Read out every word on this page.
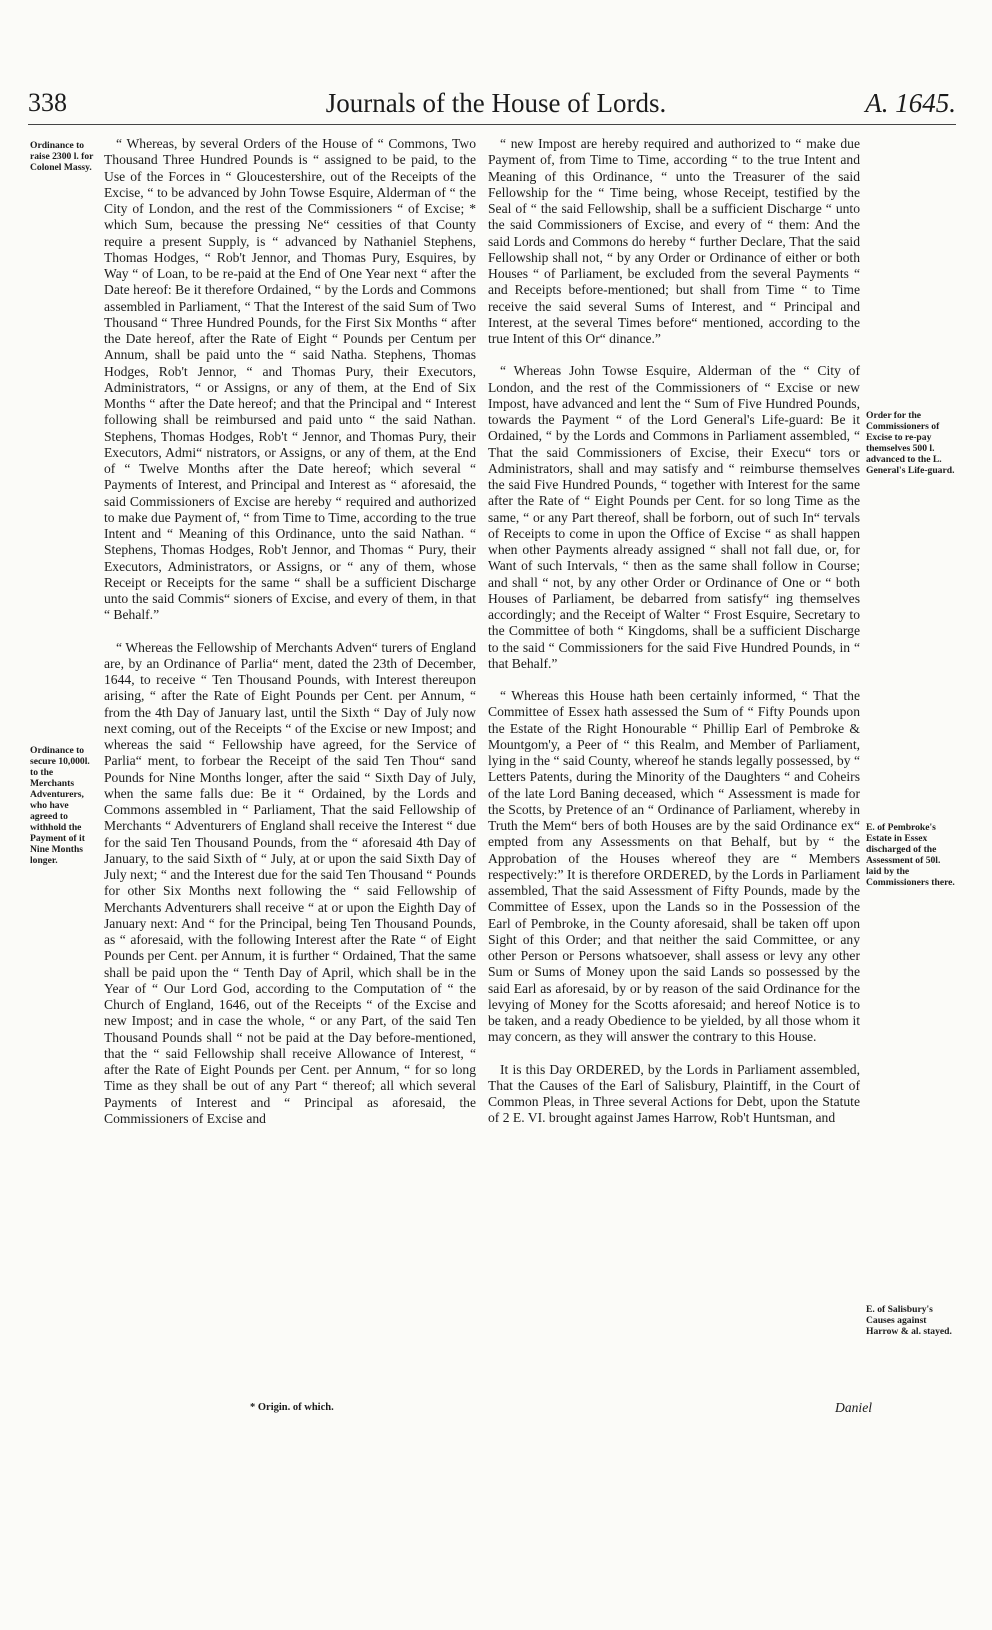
338	Journals of the House of Lords.	A. 1645.
Ordinance to raise 2300 l. for Colonel Massy.
Ordinance to secure 10,000l. to the Merchants Adventurers, who have agreed to withhold the Payment of it Nine Months longer.
Order for the Commissioners of Excise to re-pay themselves 500 l. advanced to the L. General's Life-guard.
E. of Pembroke's Estate in Essex discharged of the Assessment of 50l. laid by the Commissioners there.
E. of Salisbury's Causes against Harrow & al. stayed.

“ Whereas, by several Orders of the House of “ Commons, Two Thousand Three Hundred Pounds is “ assigned to be paid, to the Use of the Forces in “ Gloucestershire, out of the Receipts of the Excise, “ to be advanced by John Towse Esquire, Alderman of “ the City of London, and the rest of the Commissioners “ of Excise; * which Sum, because the pressing Ne“ cessities of that County require a present Supply, is “ advanced by Nathaniel Stephens, Thomas Hodges, “ Rob't Jennor, and Thomas Pury, Esquires, by Way “ of Loan, to be re-paid at the End of One Year next “ after the Date hereof: Be it therefore Ordained, “ by the Lords and Commons assembled in Parliament, “ That the Interest of the said Sum of Two Thousand “ Three Hundred Pounds, for the First Six Months “ after the Date hereof, after the Rate of Eight “ Pounds per Centum per Annum, shall be paid unto the “ said Natha. Stephens, Thomas Hodges, Rob't Jennor, “ and Thomas Pury, their Executors, Administrators, “ or Assigns, or any of them, at the End of Six Months “ after the Date hereof; and that the Principal and “ Interest following shall be reimbursed and paid unto “ the said Nathan. Stephens, Thomas Hodges, Rob't “ Jennor, and Thomas Pury, their Executors, Admi“ nistrators, or Assigns, or any of them, at the End of “ Twelve Months after the Date hereof; which several “ Payments of Interest, and Principal and Interest as “ aforesaid, the said Commissioners of Excise are hereby “ required and authorized to make due Payment of, “ from Time to Time, according to the true Intent and “ Meaning of this Ordinance, unto the said Nathan. “ Stephens, Thomas Hodges, Rob't Jennor, and Thomas “ Pury, their Executors, Administrators, or Assigns, or “ any of them, whose Receipt or Receipts for the same “ shall be a sufficient Discharge unto the said Commis“ sioners of Excise, and every of them, in that “ Behalf.”

“ Whereas the Fellowship of Merchants Adven“ turers of England are, by an Ordinance of Parlia“ ment, dated the 23th of December, 1644, to receive “ Ten Thousand Pounds, with Interest thereupon arising, “ after the Rate of Eight Pounds per Cent. per Annum, “ from the 4th Day of January last, until the Sixth “ Day of July now next coming, out of the Receipts “ of the Excise or new Impost; and whereas the said “ Fellowship have agreed, for the Service of Parlia“ ment, to forbear the Receipt of the said Ten Thou“ sand Pounds for Nine Months longer, after the said “ Sixth Day of July, when the same falls due: Be it “ Ordained, by the Lords and Commons assembled in “ Parliament, That the said Fellowship of Merchants “ Adventurers of England shall receive the Interest “ due for the said Ten Thousand Pounds, from the “ aforesaid 4th Day of January, to the said Sixth of “ July, at or upon the said Sixth Day of July next; “ and the Interest due for the said Ten Thousand “ Pounds for other Six Months next following the “ said Fellowship of Merchants Adventurers shall receive “ at or upon the Eighth Day of January next: And “ for the Principal, being Ten Thousand Pounds, as “ aforesaid, with the following Interest after the Rate “ of Eight Pounds per Cent. per Annum, it is further “ Ordained, That the same shall be paid upon the “ Tenth Day of April, which shall be in the Year of “ Our Lord God, according to the Computation of “ the Church of England, 1646, out of the Receipts “ of the Excise and new Impost; and in case the whole, “ or any Part, of the said Ten Thousand Pounds shall “ not be paid at the Day before-mentioned, that the “ said Fellowship shall receive Allowance of Interest, “ after the Rate of Eight Pounds per Cent. per Annum, “ for so long Time as they shall be out of any Part “ thereof; all which several Payments of Interest and “ Principal as aforesaid, the Commissioners of Excise and

“ new Impost are hereby required and authorized to “ make due Payment of, from Time to Time, according “ to the true Intent and Meaning of this Ordinance, “ unto the Treasurer of the said Fellowship for the “ Time being, whose Receipt, testified by the Seal of “ the said Fellowship, shall be a sufficient Discharge “ unto the said Commissioners of Excise, and every of “ them: And the said Lords and Commons do hereby “ further Declare, That the said Fellowship shall not, “ by any Order or Ordinance of either or both Houses “ of Parliament, be excluded from the several Payments “ and Receipts before-mentioned; but shall from Time “ to Time receive the said several Sums of Interest, and “ Principal and Interest, at the several Times before“ mentioned, according to the true Intent of this Or“ dinance.”

“ Whereas John Towse Esquire, Alderman of the “ City of London, and the rest of the Commissioners of “ Excise or new Impost, have advanced and lent the “ Sum of Five Hundred Pounds, towards the Payment “ of the Lord General's Life-guard: Be it Ordained, “ by the Lords and Commons in Parliament assembled, “ That the said Commissioners of Excise, their Execu“ tors or Administrators, shall and may satisfy and “ reimburse themselves the said Five Hundred Pounds, “ together with Interest for the same after the Rate of “ Eight Pounds per Cent. for so long Time as the same, “ or any Part thereof, shall be forborn, out of such In“ tervals of Receipts to come in upon the Office of Excise “ as shall happen when other Payments already assigned “ shall not fall due, or, for Want of such Intervals, “ then as the same shall follow in Course; and shall “ not, by any other Order or Ordinance of One or “ both Houses of Parliament, be debarred from satisfy“ ing themselves accordingly; and the Receipt of Walter “ Frost Esquire, Secretary to the Committee of both “ Kingdoms, shall be a sufficient Discharge to the said “ Commissioners for the said Five Hundred Pounds, in “ that Behalf.”

“ Whereas this House hath been certainly informed, “ That the Committee of Essex hath assessed the Sum of “ Fifty Pounds upon the Estate of the Right Honourable “ Phillip Earl of Pembroke & Mountgom'y, a Peer of “ this Realm, and Member of Parliament, lying in the “ said County, whereof he stands legally possessed, by “ Letters Patents, during the Minority of the Daughters “ and Coheirs of the late Lord Baning deceased, which “ Assessment is made for the Scotts, by Pretence of an “ Ordinance of Parliament, whereby in Truth the Mem“ bers of both Houses are by the said Ordinance ex“ empted from any Assessments on that Behalf, but by “ the Approbation of the Houses whereof they are “ Members respectively:” It is therefore ORDERED, by the Lords in Parliament assembled, That the said Assessment of Fifty Pounds, made by the Committee of Essex, upon the Lands so in the Possession of the Earl of Pembroke, in the County aforesaid, shall be taken off upon Sight of this Order; and that neither the said Committee, or any other Person or Persons whatsoever, shall assess or levy any other Sum or Sums of Money upon the said Lands so possessed by the said Earl as aforesaid, by or by reason of the said Ordinance for the levying of Money for the Scotts aforesaid; and hereof Notice is to be taken, and a ready Obedience to be yielded, by all those whom it may concern, as they will answer the contrary to this House.

It is this Day ORDERED, by the Lords in Parliament assembled, That the Causes of the Earl of Salisbury, Plaintiff, in the Court of Common Pleas, in Three several Actions for Debt, upon the Statute of 2 E. VI. brought against James Harrow, Rob't Huntsman, and

* Origin. of which.	Daniel
